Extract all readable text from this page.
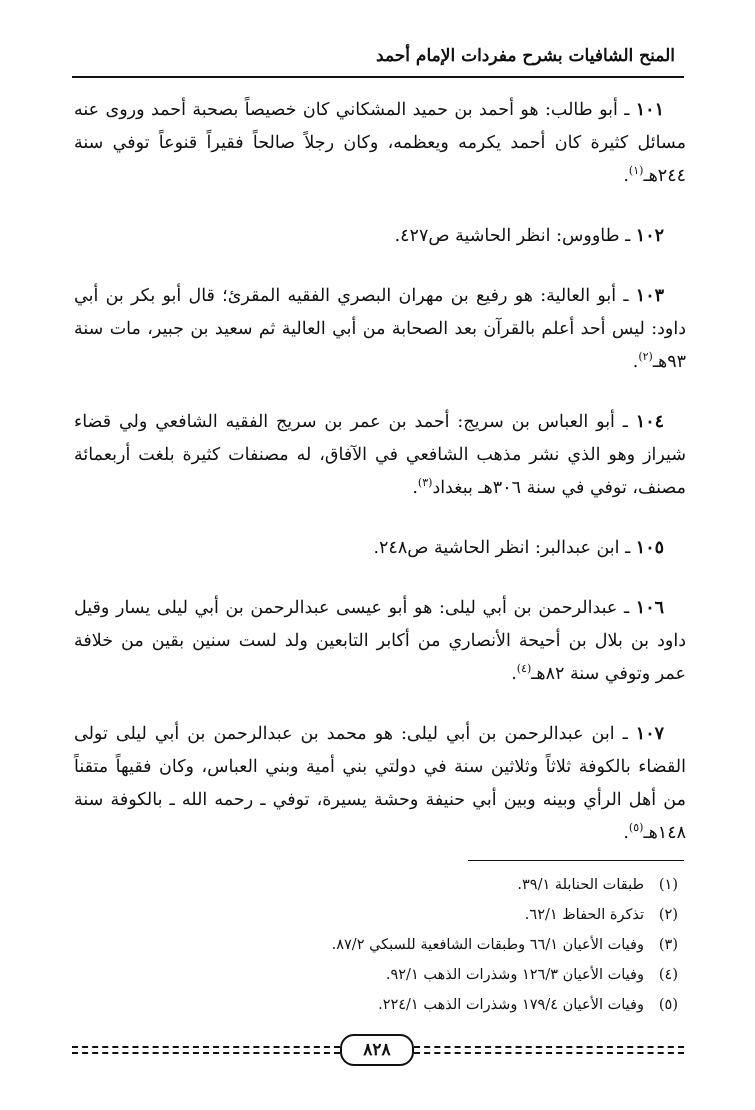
المنح الشافيات بشرح مفردات الإمام أحمد

١٠١ ـ أبو طالب: هو أحمد بن حميد المشكاني كان خصيصاً بصحبة أحمد وروى عنه مسائل كثيرة كان أحمد يكرمه ويعظمه، وكان رجلاً صالحاً فقيراً قنوعاً توفي سنة ٢٤٤هـ$^{(١)}$.

١٠٢ ـ طاووس: انظر الحاشية ص٤٢٧.

١٠٣ ـ أبو العالية: هو رفيع بن مهران البصري الفقيه المقرئ؛ قال أبو بكر بن أبي داود: ليس أحد أعلم بالقرآن بعد الصحابة من أبي العالية ثم سعيد بن جبير، مات سنة ٩٣هـ$^{(٢)}$.

١٠٤ ـ أبو العباس بن سريج: أحمد بن عمر بن سريج الفقيه الشافعي ولي قضاء شيراز وهو الذي نشر مذهب الشافعي في الآفاق، له مصنفات كثيرة بلغت أربعمائة مصنف، توفي في سنة ٣٠٦هـ ببغداد$^{(٣)}$.

١٠٥ ـ ابن عبدالبر: انظر الحاشية ص٢٤٨.

١٠٦ ـ عبدالرحمن بن أبي ليلى: هو أبو عيسى عبدالرحمن بن أبي ليلى يسار وقيل داود بن بلال بن أحيحة الأنصاري من أكابر التابعين ولد لست سنين بقين من خلافة عمر وتوفي سنة ٨٢هـ$^{(٤)}$.

١٠٧ ـ ابن عبدالرحمن بن أبي ليلى: هو محمد بن عبدالرحمن بن أبي ليلى تولى القضاء بالكوفة ثلاثاً وثلاثين سنة في دولتي بني أمية وبني العباس، وكان فقيهاً متقناً من أهل الرأي وبينه وبين أبي حنيفة وحشة يسيرة، توفي ـ رحمه الله ـ بالكوفة سنة ١٤٨هـ$^{(٥)}$.

(١)طبقات الحنابلة ٣٩/١.
(٢)تذكرة الحفاظ ٦٢/١.
(٣)وفيات الأعيان ٦٦/١ وطبقات الشافعية للسبكي ٨٧/٢.
(٤)وفيات الأعيان ١٢٦/٣ وشذرات الذهب ٩٢/١.
(٥)وفيات الأعيان ١٧٩/٤ وشذرات الذهب ٢٢٤/١.
٨٢٨
